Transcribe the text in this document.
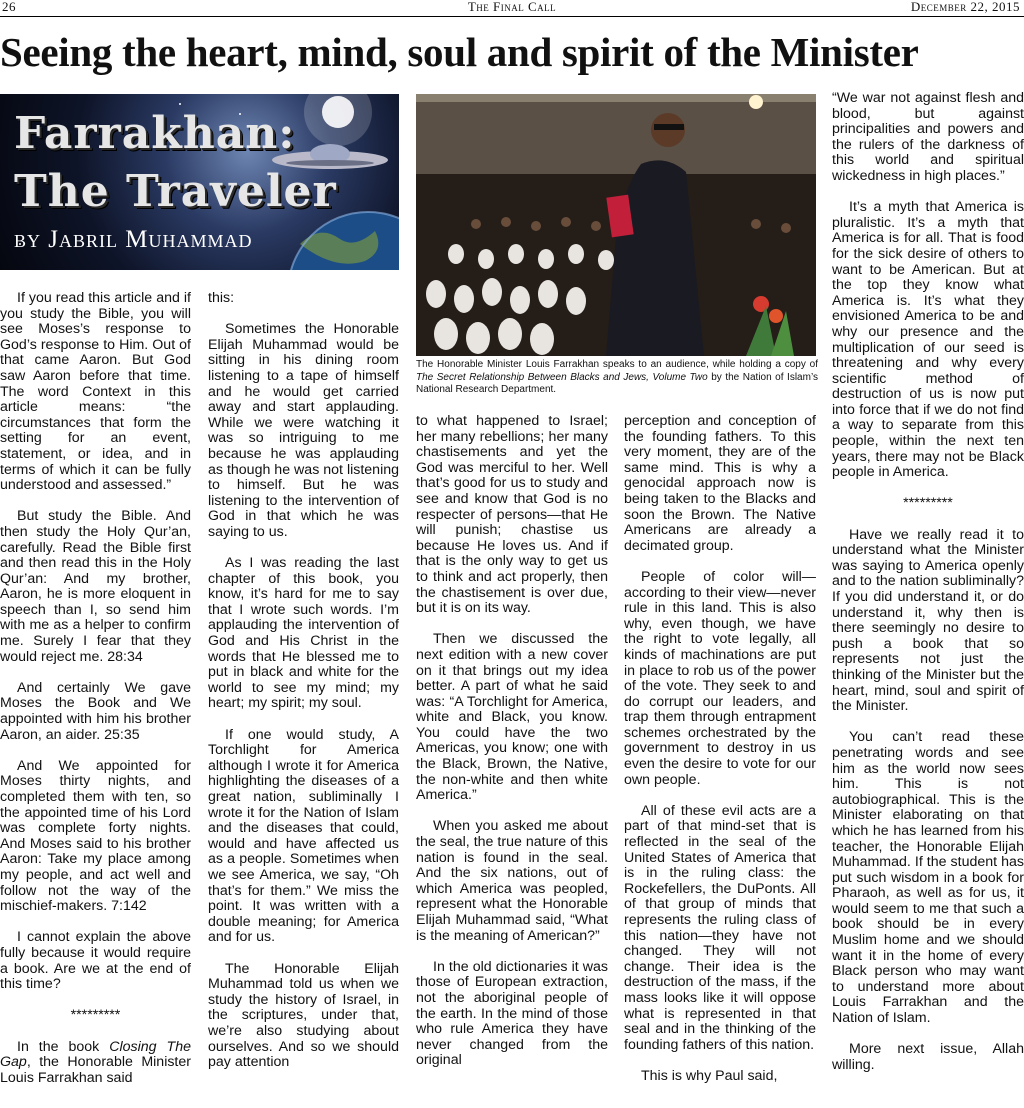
26	The Final Call	December 22, 2015
Seeing the heart, mind, soul and spirit of the Minister
Farrakhan:
The Traveler
by Jabril Muhammad
The Honorable Minister Louis Farrakhan speaks to an audience, while holding a copy of The Secret Relationship Between Blacks and Jews, Volume Two by the Nation of Islam’s National Research Department.

If you read this article and if you study the Bible, you will see Moses’s response to God’s response to Him. Out of that came Aaron. But God saw Aaron before that time. The word Context in this article means: “the circumstances that form the setting for an event, statement, or idea, and in terms of which it can be fully understood and assessed.”

But study the Bible. And then study the Holy Qur’an, carefully. Read the Bible first and then read this in the Holy Qur’an: And my brother, Aaron, he is more eloquent in speech than I, so send him with me as a helper to confirm me. Surely I fear that they would reject me. 28:34

And certainly We gave Moses the Book and We appointed with him his brother Aaron, an aider. 25:35

And We appointed for Moses thirty nights, and completed them with ten, so the appointed time of his Lord was complete forty nights. And Moses said to his brother Aaron: Take my place among my people, and act well and follow not the way of the mischief-makers. 7:142

I cannot explain the above fully because it would require a book. Are we at the end of this time?

*********

In the book Closing The Gap, the Honorable Minister Louis Farrakhan said

this:

Sometimes the Honorable Elijah Muhammad would be sitting in his dining room listening to a tape of himself and he would get carried away and start applauding. While we were watching it was so intriguing to me because he was applauding as though he was not listening to himself. But he was listening to the intervention of God in that which he was saying to us.

As I was reading the last chapter of this book, you know, it’s hard for me to say that I wrote such words. I’m applauding the intervention of God and His Christ in the words that He blessed me to put in black and white for the world to see my mind; my heart; my spirit; my soul.

If one would study, A Torchlight for America although I wrote it for America highlighting the diseases of a great nation, subliminally I wrote it for the Nation of Islam and the diseases that could, would and have affected us as a people. Sometimes when we see America, we say, “Oh that’s for them.” We miss the point. It was written with a double meaning; for America and for us.

The Honorable Elijah Muhammad told us when we study the history of Israel, in the scriptures, under that, we’re also studying about ourselves. And so we should pay attention

to what happened to Israel; her many rebellions; her many chastisements and yet the God was merciful to her. Well that’s good for us to study and see and know that God is no respecter of persons—that He will punish; chastise us because He loves us. And if that is the only way to get us to think and act properly, then the chastisement is over due, but it is on its way.

Then we discussed the next edition with a new cover on it that brings out my idea better. A part of what he said was: “A Torchlight for America, white and Black, you know. You could have the two Americas, you know; one with the Black, Brown, the Native, the non-white and then white America.”

When you asked me about the seal, the true nature of this nation is found in the seal. And the six nations, out of which America was peopled, represent what the Honorable Elijah Muhammad said, “What is the meaning of American?”

In the old dictionaries it was those of European extraction, not the aboriginal people of the earth. In the mind of those who rule America they have never changed from the original

perception and conception of the founding fathers. To this very moment, they are of the same mind. This is why a genocidal approach now is being taken to the Blacks and soon the Brown. The Native Americans are already a decimated group.

People of color will—according to their view—never rule in this land. This is also why, even though, we have the right to vote legally, all kinds of machinations are put in place to rob us of the power of the vote. They seek to and do corrupt our leaders, and trap them through entrapment schemes orchestrated by the government to destroy in us even the desire to vote for our own people.

All of these evil acts are a part of that mind-set that is reflected in the seal of the United States of America that is in the ruling class: the Rockefellers, the DuPonts. All of that group of minds that represents the ruling class of this nation—they have not changed. They will not change. Their idea is the destruction of the mass, if the mass looks like it will oppose what is represented in that seal and in the thinking of the founding fathers of this nation.

This is why Paul said,

“We war not against flesh and blood, but against principalities and powers and the rulers of the darkness of this world and spiritual wickedness in high places.”

It’s a myth that America is pluralistic. It’s a myth that America is for all. That is food for the sick desire of others to want to be American. But at the top they know what America is. It’s what they envisioned America to be and why our presence and the multiplication of our seed is threatening and why every scientific method of destruction of us is now put into force that if we do not find a way to separate from this people, within the next ten years, there may not be Black people in America.

*********

Have we really read it to understand what the Minister was saying to America openly and to the nation subliminally? If you did understand it, or do understand it, why then is there seemingly no desire to push a book that so represents not just the thinking of the Minister but the heart, mind, soul and spirit of the Minister.

You can’t read these penetrating words and see him as the world now sees him. This is not autobiographical. This is the Minister elaborating on that which he has learned from his teacher, the Honorable Elijah Muhammad. If the student has put such wisdom in a book for Pharaoh, as well as for us, it would seem to me that such a book should be in every Muslim home and we should want it in the home of every Black person who may want to understand more about Louis Farrakhan and the Nation of Islam.

More next issue, Allah willing.
